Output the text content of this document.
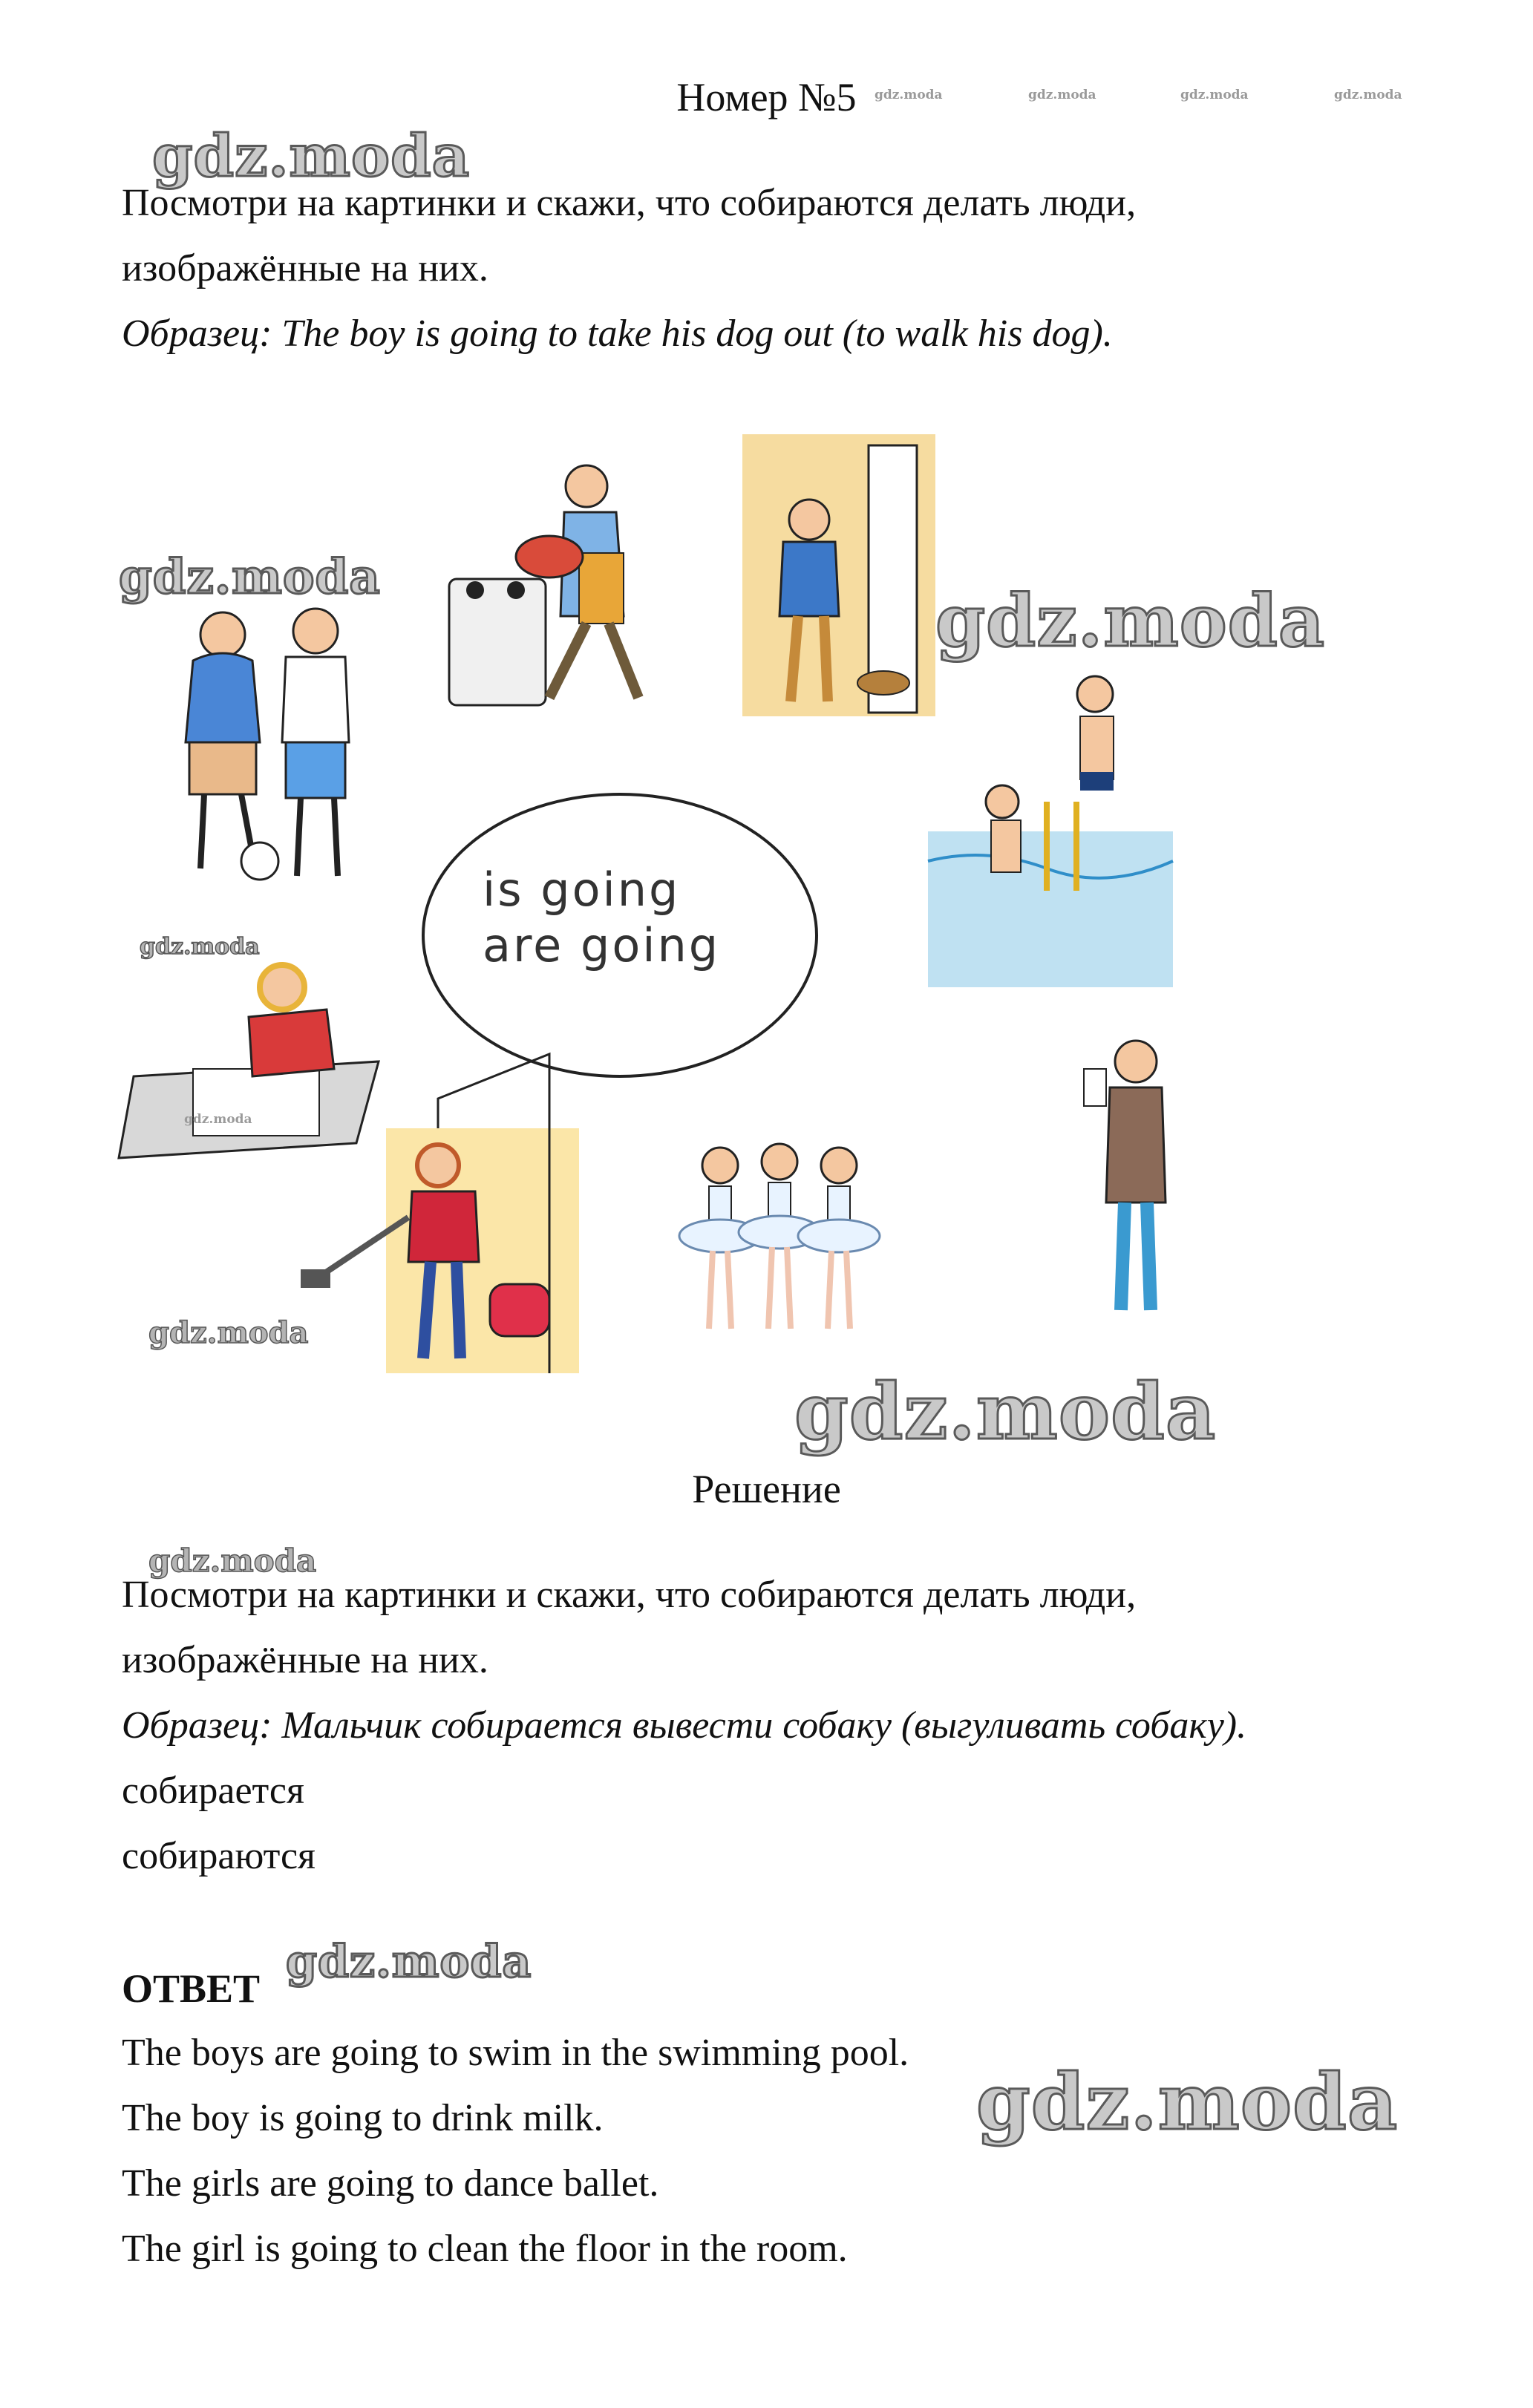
Номер №5	gdz.moda	gdz.moda	gdz.moda	gdz.moda
gdz.moda
Посмотри на картинки и скажи, что собираются делать люди,
изображённые на них.
Образец: The boy is going to take his dog out (to walk his dog).
is going
are going
gdz.moda
gdz.moda
gdz.moda
gdz.moda
gdz.moda
gdz.moda
Решение
gdz.moda
Посмотри на картинки и скажи, что собираются делать люди,
изображённые на них.
Образец: Мальчик собирается вывести собаку (выгуливать собаку).
собирается
собираются
ОТВЕТ
gdz.moda
The boys are going to swim in the swimming pool.
The boy is going to drink milk.
The girls are going to dance ballet.
The girl is going to clean the floor in the room.
gdz.moda
